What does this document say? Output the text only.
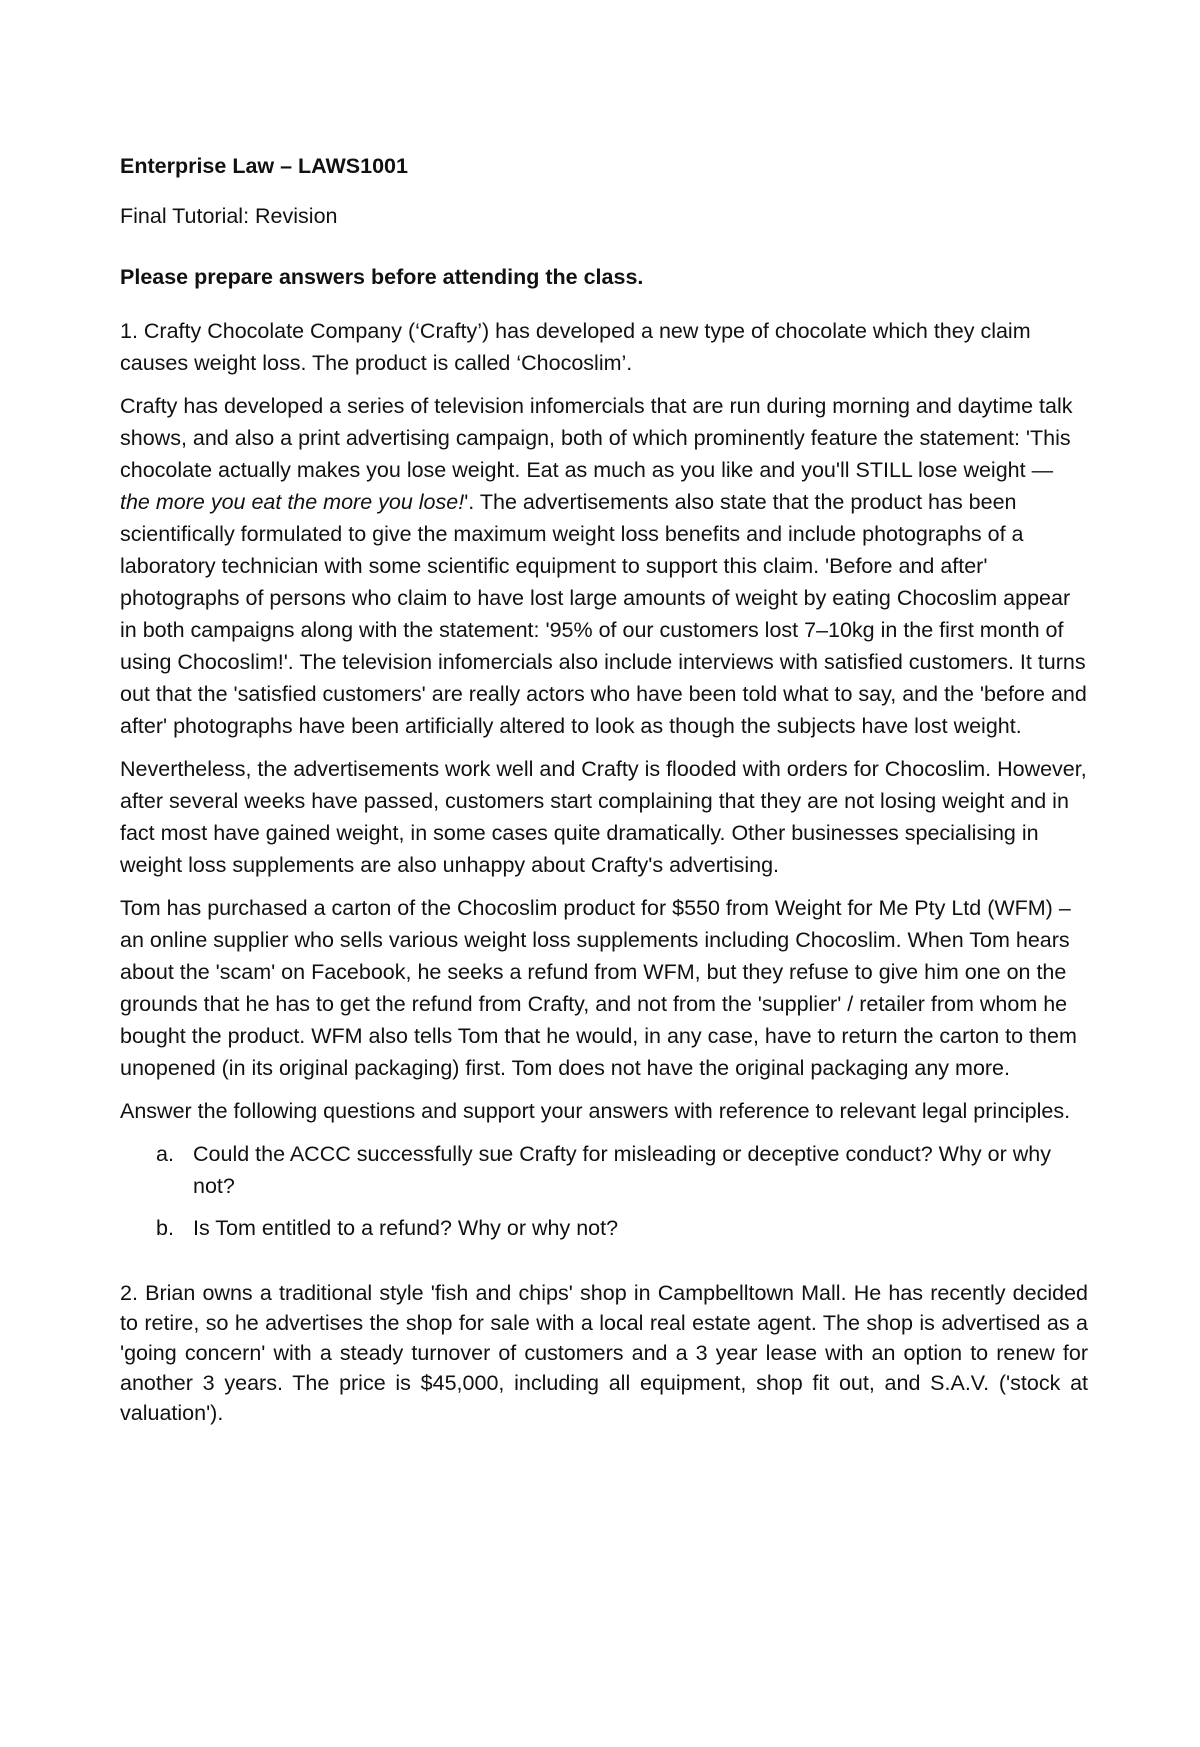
Enterprise Law – LAWS1001

Final Tutorial: Revision

Please prepare answers before attending the class.

1. Crafty Chocolate Company (‘Crafty’) has developed a new type of chocolate which they claim causes weight loss. The product is called ‘Chocoslim’.

Crafty has developed a series of television infomercials that are run during morning and daytime talk shows, and also a print advertising campaign, both of which prominently feature the statement: 'This chocolate actually makes you lose weight. Eat as much as you like and you'll STILL lose weight — the more you eat the more you lose!'. The advertisements also state that the product has been scientifically formulated to give the maximum weight loss benefits and include photographs of a laboratory technician with some scientific equipment to support this claim. 'Before and after' photographs of persons who claim to have lost large amounts of weight by eating Chocoslim appear in both campaigns along with the statement: '95% of our customers lost 7–10kg in the first month of using Chocoslim!'. The television infomercials also include interviews with satisfied customers. It turns out that the 'satisfied customers' are really actors who have been told what to say, and the 'before and after' photographs have been artificially altered to look as though the subjects have lost weight.

Nevertheless, the advertisements work well and Crafty is flooded with orders for Chocoslim. However, after several weeks have passed, customers start complaining that they are not losing weight and in fact most have gained weight, in some cases quite dramatically. Other businesses specialising in weight loss supplements are also unhappy about Crafty's advertising.

Tom has purchased a carton of the Chocoslim product for $550 from Weight for Me Pty Ltd (WFM) – an online supplier who sells various weight loss supplements including Chocoslim. When Tom hears about the 'scam' on Facebook, he seeks a refund from WFM, but they refuse to give him one on the grounds that he has to get the refund from Crafty, and not from the 'supplier' / retailer from whom he bought the product. WFM also tells Tom that he would, in any case, have to return the carton to them unopened (in its original packaging) first. Tom does not have the original packaging any more.

Answer the following questions and support your answers with reference to relevant legal principles.

a. Could the ACCC successfully sue Crafty for misleading or deceptive conduct? Why or why not?
b. Is Tom entitled to a refund? Why or why not?

2. Brian owns a traditional style 'fish and chips' shop in Campbelltown Mall. He has recently decided to retire, so he advertises the shop for sale with a local real estate agent. The shop is advertised as a 'going concern' with a steady turnover of customers and a 3 year lease with an option to renew for another 3 years. The price is $45,000, including all equipment, shop fit out, and S.A.V. ('stock at valuation').
